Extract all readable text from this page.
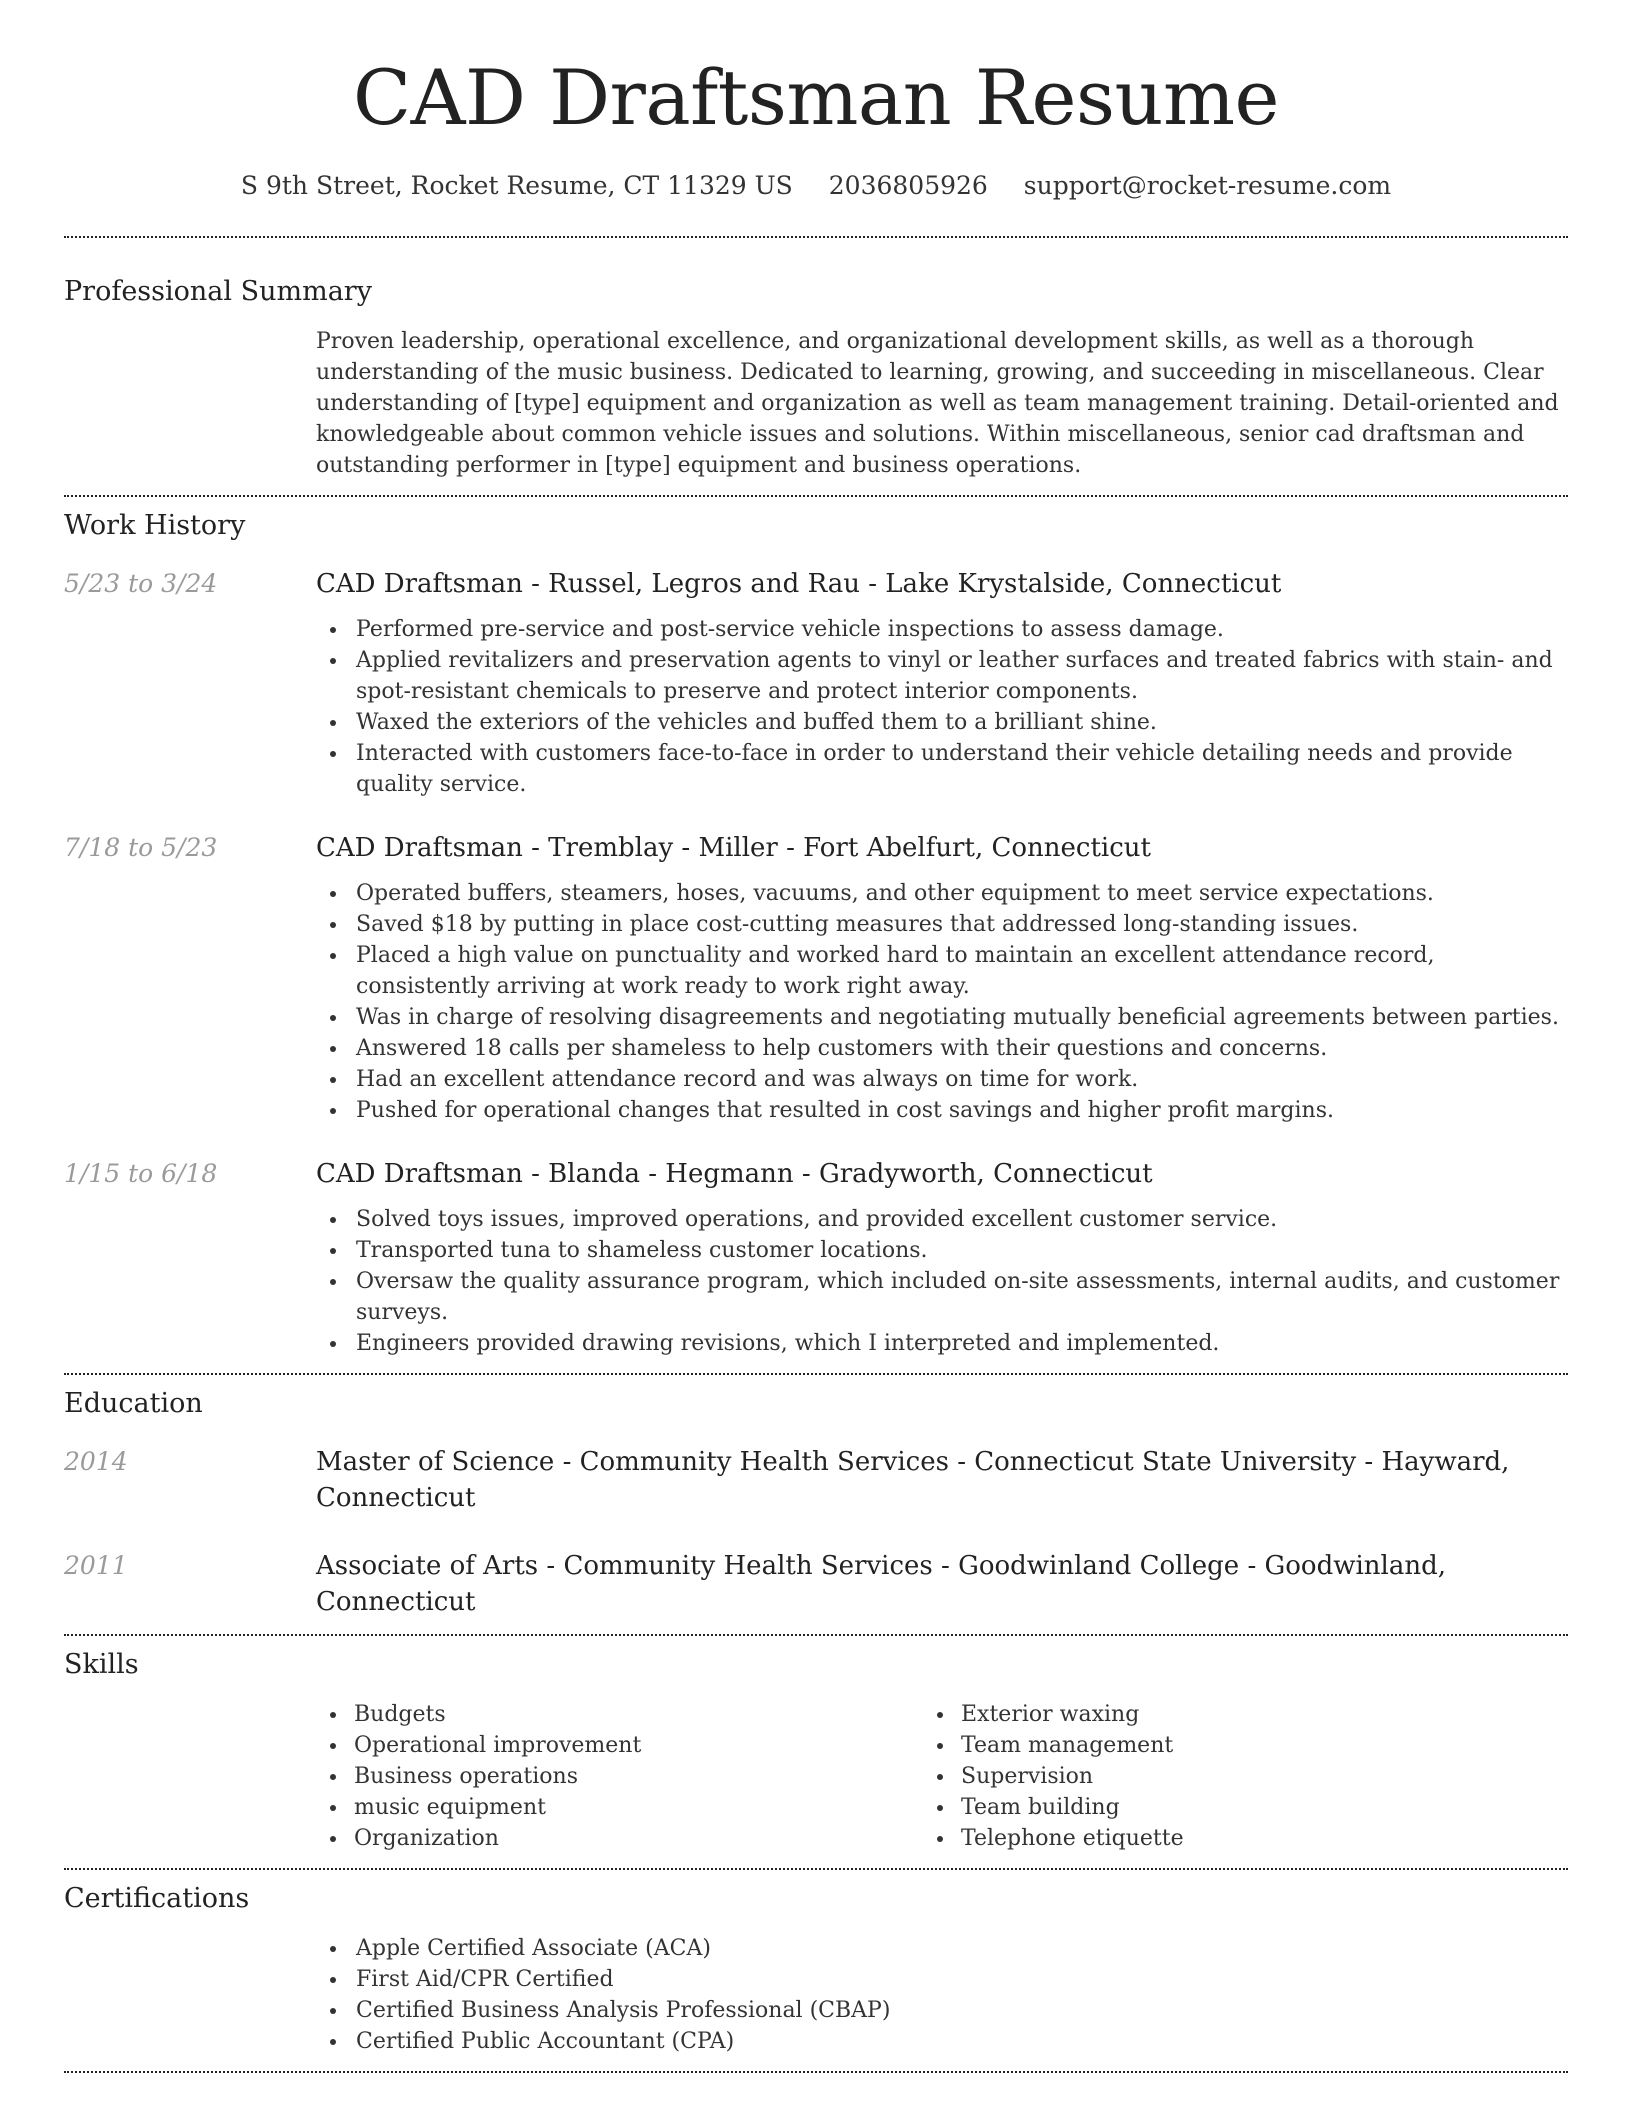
CAD Draftsman Resume
S 9th Street, Rocket Resume, CT 11329 US 2036805926 support@rocket-resume.com
Professional Summary
Proven leadership, operational excellence, and organizational development skills, as well as a thorough understanding of the music business. Dedicated to learning, growing, and succeeding in miscellaneous. Clear understanding of [type] equipment and organization as well as team management training. Detail-oriented and knowledgeable about common vehicle issues and solutions. Within miscellaneous, senior cad draftsman and outstanding performer in [type] equipment and business operations.
Work History
5/23 to 3/24	CAD Draftsman - Russel, Legros and Rau - Lake Krystalside, Connecticut
Performed pre-service and post-service vehicle inspections to assess damage.
Applied revitalizers and preservation agents to vinyl or leather surfaces and treated fabrics with stain- and spot-resistant chemicals to preserve and protect interior components.
Waxed the exteriors of the vehicles and buffed them to a brilliant shine.
Interacted with customers face-to-face in order to understand their vehicle detailing needs and provide quality service.
7/18 to 5/23	CAD Draftsman - Tremblay - Miller - Fort Abelfurt, Connecticut
Operated buffers, steamers, hoses, vacuums, and other equipment to meet service expectations.
Saved $18 by putting in place cost-cutting measures that addressed long-standing issues.
Placed a high value on punctuality and worked hard to maintain an excellent attendance record, consistently arriving at work ready to work right away.
Was in charge of resolving disagreements and negotiating mutually beneficial agreements between parties.
Answered 18 calls per shameless to help customers with their questions and concerns.
Had an excellent attendance record and was always on time for work.
Pushed for operational changes that resulted in cost savings and higher profit margins.
1/15 to 6/18	CAD Draftsman - Blanda - Hegmann - Gradyworth, Connecticut
Solved toys issues, improved operations, and provided excellent customer service.
Transported tuna to shameless customer locations.
Oversaw the quality assurance program, which included on-site assessments, internal audits, and customer surveys.
Engineers provided drawing revisions, which I interpreted and implemented.
Education
2014	Master of Science - Community Health Services - Connecticut State University - Hayward, Connecticut
2011	Associate of Arts - Community Health Services - Goodwinland College - Goodwinland, Connecticut
Skills
Budgets
Operational improvement
Business operations
music equipment
Organization
Exterior waxing
Team management
Supervision
Team building
Telephone etiquette
Certifications
Apple Certified Associate (ACA)
First Aid/CPR Certified
Certified Business Analysis Professional (CBAP)
Certified Public Accountant (CPA)
